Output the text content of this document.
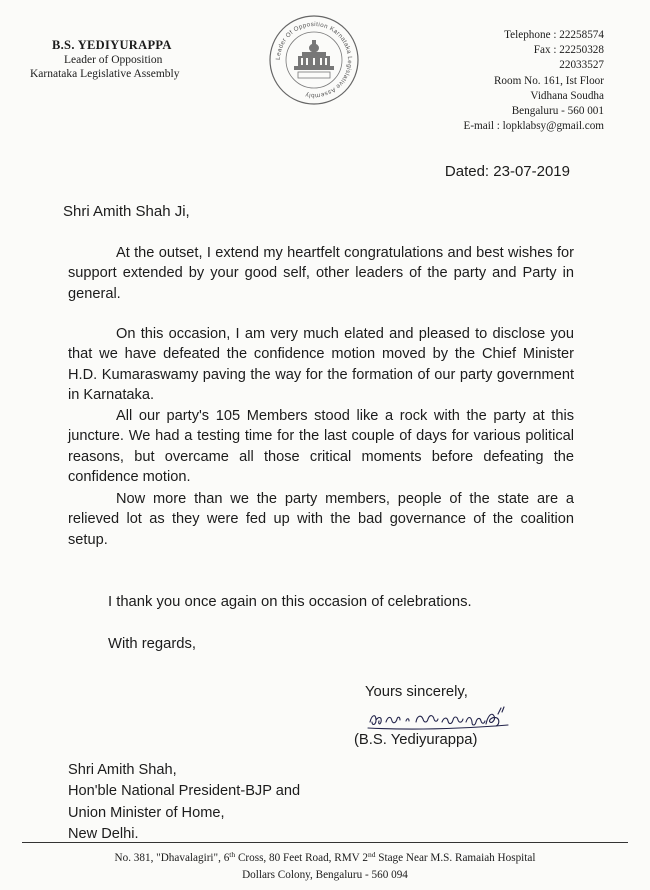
B.S. YEDIYURAPPA
Leader of Opposition
Karnataka Legislative Assembly
Leader Of Opposition Karnataka Legislative Assembly
Telephone : 22258574
Fax : 22250328
22033527
Room No. 161, Ist Floor
Vidhana Soudha
Bengaluru - 560 001
E-mail : lopklabsy@gmail.com
Dated: 23-07-2019
Shri Amith Shah Ji,
At the outset, I extend my heartfelt congratulations and best wishes for support extended by your good self, other leaders of the party and Party in general.
On this occasion, I am very much elated and pleased to disclose you that we have defeated the confidence motion moved by the Chief Minister H.D. Kumaraswamy paving the way for the formation of our party government in Karnataka.
All our party's 105 Members stood like a rock with the party at this juncture. We had a testing time for the last couple of days for various political reasons, but overcame all those critical moments before defeating the confidence motion.
Now more than we the party members, people of the state are a relieved lot as they were fed up with the bad governance of the coalition setup.
I thank you once again on this occasion of celebrations.
With regards,
Yours sincerely,
(B.S. Yediyurappa)
Shri Amith Shah,
Hon'ble National President-BJP and
Union Minister of Home,
New Delhi.
No. 381, "Dhavalagiri", 6th Cross, 80 Feet Road, RMV 2nd Stage Near M.S. Ramaiah Hospital
Dollars Colony, Bengaluru - 560 094
